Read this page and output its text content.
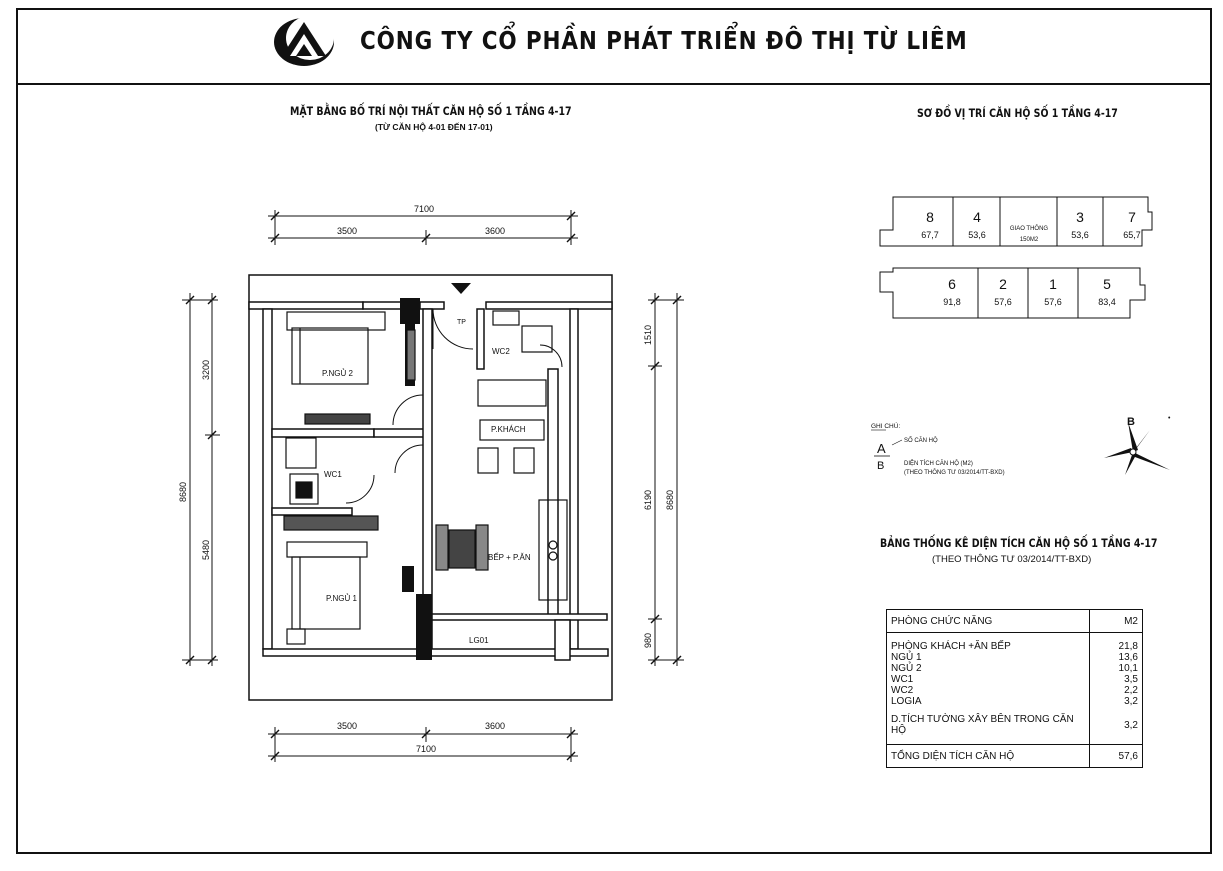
CÔNG TY CỔ PHẦN PHÁT TRIỂN ĐÔ THỊ TỪ LIÊM
MẶT BẰNG BỐ TRÍ NỘI THẤT CĂN HỘ SỐ 1 TẦNG 4-17
(TỪ CĂN HỘ 4-01 ĐẾN 17-01)
SƠ ĐỒ VỊ TRÍ CĂN HỘ SỐ 1 TẦNG 4-17
P.NGỦ 2
P.NGỦ 1
P.KHÁCH
BẾP + P.ĂN
WC1
WC2
TP
LG01
7100
3500	3600
3500	3600
7100
8680
3200
5480
1510
6190
980
8680
8
67,7
4
53,6
3
53,6
7
65,7
6
91,8
2
57,6
1
57,6
5
83,4
GIAO THÔNG
150M2
GHI CHÚ:
A	SỐ CĂN HỘ
B	DIỆN TÍCH CĂN HỘ (M2)
(THEO THÔNG TƯ 03/2014/TT-BXD)
B	•
BẢNG THỐNG KÊ DIỆN TÍCH CĂN HỘ SỐ 1 TẦNG 4-17
(THEO THÔNG TƯ 03/2014/TT-BXD)
PHÒNG CHỨC NĂNG	M2
PHÒNG KHÁCH +ĂN BẾP	21,8
NGỦ 1	13,6
NGỦ 2	10,1
WC1	3,5
WC2	2,2
LOGIA	3,2
D.TÍCH TƯỜNG XÂY BÊN TRONG CĂN HỘ	3,2
TỔNG DIỆN TÍCH CĂN HỘ	57,6
